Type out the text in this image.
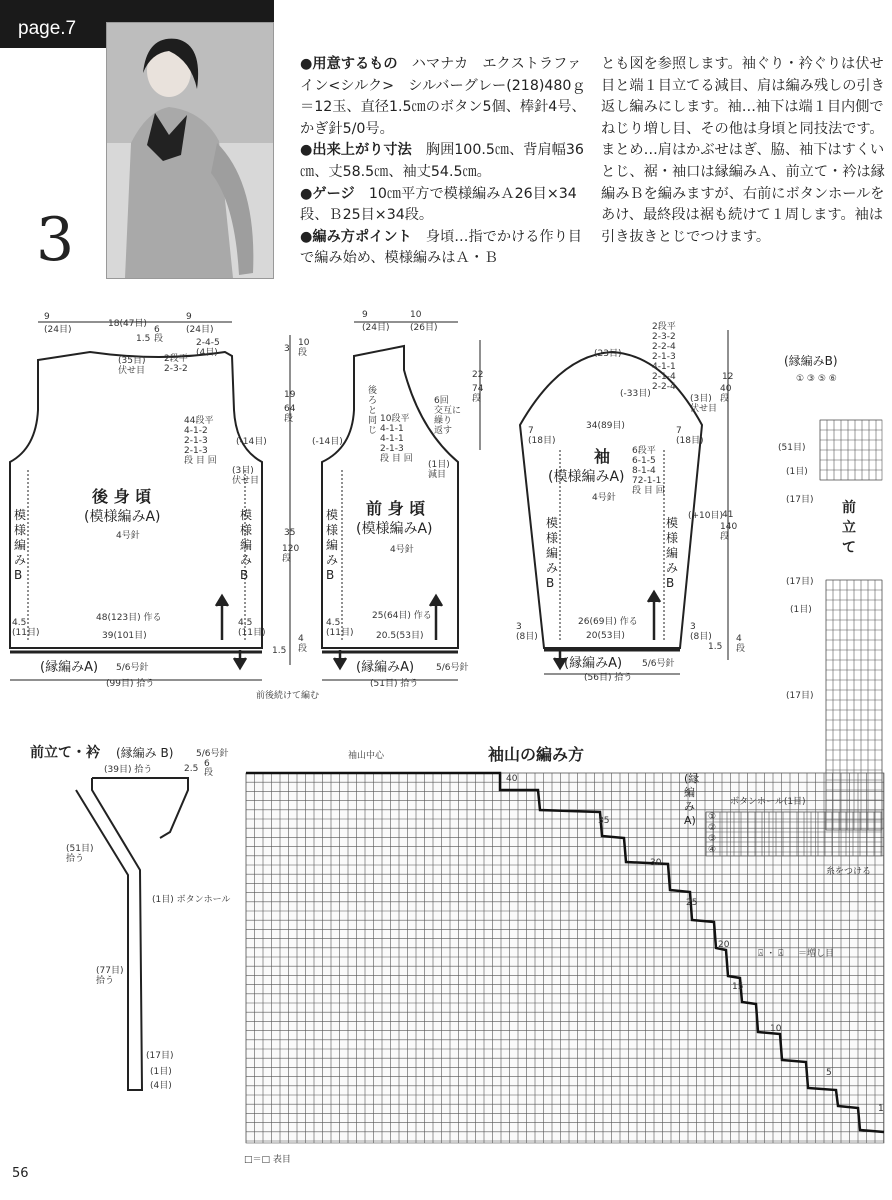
page.7
3
●用意するもの　ハマナカ　エクストラファイン<シルク>　シルバーグレー(218)480ｇ＝12玉、直径1.5㎝のボタン5個、棒針4号、かぎ針5/0号。
●出来上がり寸法　胸囲100.5㎝、背肩幅36㎝、丈58.5㎝、袖丈54.5㎝。
●ゲージ　10㎝平方で模様編みＡ26目×34段、Ｂ25目×34段。
●編み方ポイント　身頃…指でかける作り目で編み始め、模様編みはＡ・Ｂ
とも図を参照します。袖ぐり・衿ぐりは伏せ目と端１目立てる減目、肩は編み残しの引き返し編みにします。袖…袖下は端１目内側でねじり増し目、その他は身頃と同技法です。まとめ…肩はかぶせはぎ、脇、袖下はすくいとじ、裾・袖口は縁編みＡ、前立て・衿は縁編みＢを編みますが、右前にボタンホールをあけ、最終段は裾も続けて１周します。袖は引き抜きとじでつけます。
後 身 頃
(模様編みA)
4号針
模様編みB
模様編みB
前 身 頃
(模様編みA)
4号針
模様編みB
袖
(模様編みA)
4号針
模様編みB
模様編みB
9
(24目)
18(47目)
9
(24目)
1.5
6
段	2-4-5
(4目)
(35目)
伏せ目
2段平
2-3-2
44段平
4-1-2
2-1-3
2-1-3
段 目 回
(-14目)
(3目)
伏せ目
48(123目) 作る
39(101目)
4.5
(11目)
4.5
(11目)
3
10
段
19
64
段
35
120
段
4
段
1.5
(縁編みA) 5/6号針
(99目) 拾う
前後続けて編む
9
(24目)
10
(26目)
後ろと同じ
10段平
4-1-1
4-1-1
2-1-3
段 目 回
(-14目)
6回
交互に
繰り
返す
(1目)
減目
22
74
段
25(64目) 作る
20.5(53目)
4.5
(11目)
(縁編みA) 5/6号針
(51目) 拾う
(23目)
2段平
2-3-2
2-2-4
2-1-3
4-1-1
2-1-4
2-2-4
(-33目)	(3目)
伏せ目
34(89目)
7
(18目)
7
(18目)
6段平
6-1-5
8-1-4
72-1-1
段 目 回
(+10目)
12
40
段
41
140
段
26(69目) 作る
20(53目)
3
(8目)
3
(8目)	4
段
1.5
(縁編みA) 5/6号針
(56目) 拾う
前立て・衿 (縁編み B)	5/6号針
(39目) 拾う	2.5 6
段
(51目)
拾う
(1目) ボタンホール
(77目)
拾う
(17目)
(1目)
(4目)
袖山の編み方
袖山中心
40
35
30
25
20
15
10
5
1
⍓ ・ ⍓ ＝増し目
□＝□ 表目
56
(縁編みB)
① ③ ⑤ ⑥
前
立
て
(51目)
(1目)
(17目)
(17目)
(1目)
(17目)
ボタンホール(1目)
(縁編みA) ①
②
③
④
糸をつける
